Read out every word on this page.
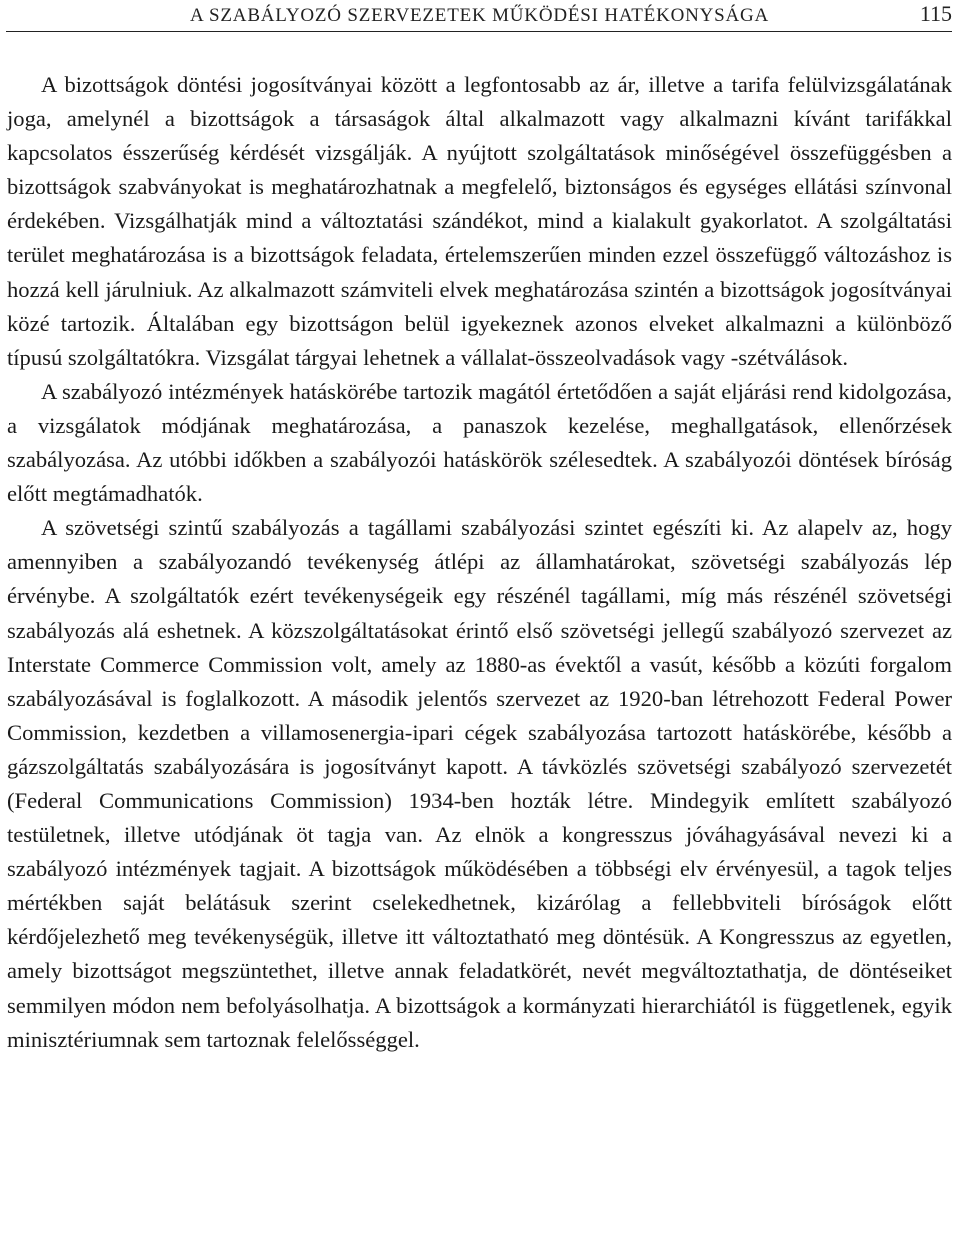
A SZABÁLYOZÓ SZERVEZETEK MŰKÖDÉSI HATÉKONYSÁGA	115

A bizottságok döntési jogosítványai között a legfontosabb az ár, illetve a tarifa felülvizsgálatának joga, amelynél a bizottságok a társaságok által alkalmazott vagy alkalmazni kívánt tarifákkal kapcsolatos ésszerűség kérdését vizsgálják. A nyújtott szolgáltatások minőségével összefüggésben a bizottságok szabványokat is meghatározhatnak a megfelelő, biztonságos és egységes ellátási színvonal érdekében. Vizsgálhatják mind a változtatási szándékot, mind a kialakult gyakorlatot. A szolgáltatási terület meghatározása is a bizottságok feladata, értelemszerűen minden ezzel összefüggő változáshoz is hozzá kell járulniuk. Az alkalmazott számviteli elvek meghatározása szintén a bizottságok jogosítványai közé tartozik. Általában egy bizottságon belül igyekeznek azonos elveket alkalmazni a különböző típusú szolgáltatókra. Vizsgálat tárgyai lehetnek a vállalat-összeolvadások vagy -szétválások.

A szabályozó intézmények hatáskörébe tartozik magától értetődően a saját eljárási rend kidolgozása, a vizsgálatok módjának meghatározása, a panaszok kezelése, meghallgatások, ellenőrzések szabályozása. Az utóbbi időkben a szabályozói hatáskörök szélesedtek. A szabályozói döntések bíróság előtt megtámadhatók.

A szövetségi szintű szabályozás a tagállami szabályozási szintet egészíti ki. Az alapelv az, hogy amennyiben a szabályozandó tevékenység átlépi az államhatárokat, szövetségi szabályozás lép érvénybe. A szolgáltatók ezért tevékenységeik egy részénél tagállami, míg más részénél szövetségi szabályozás alá eshetnek. A közszolgáltatásokat érintő első szövetségi jellegű szabályozó szervezet az Interstate Commerce Commission volt, amely az 1880-as évektől a vasút, később a közúti forgalom szabályozásával is foglalkozott. A második jelentős szervezet az 1920-ban létrehozott Federal Power Commission, kezdetben a villamosenergia-ipari cégek szabályozása tartozott hatáskörébe, később a gázszolgáltatás szabályozására is jogosítványt kapott. A távközlés szövetségi szabályozó szervezetét (Federal Communications Commission) 1934-ben hozták létre. Mindegyik említett szabályozó testületnek, illetve utódjának öt tagja van. Az elnök a kongresszus jóváhagyásával nevezi ki a szabályozó intézmények tagjait. A bizottságok működésében a többségi elv érvényesül, a tagok teljes mértékben saját belátásuk szerint cselekedhetnek, kizárólag a fellebbviteli bíróságok előtt kérdőjelezhető meg tevékenységük, illetve itt változtatható meg döntésük. A Kongresszus az egyetlen, amely bizottságot megszüntethet, illetve annak feladatkörét, nevét megváltoztathatja, de döntéseiket semmilyen módon nem befolyásolhatja. A bizottságok a kormányzati hierarchiától is függetlenek, egyik minisztériumnak sem tartoznak felelősséggel.
